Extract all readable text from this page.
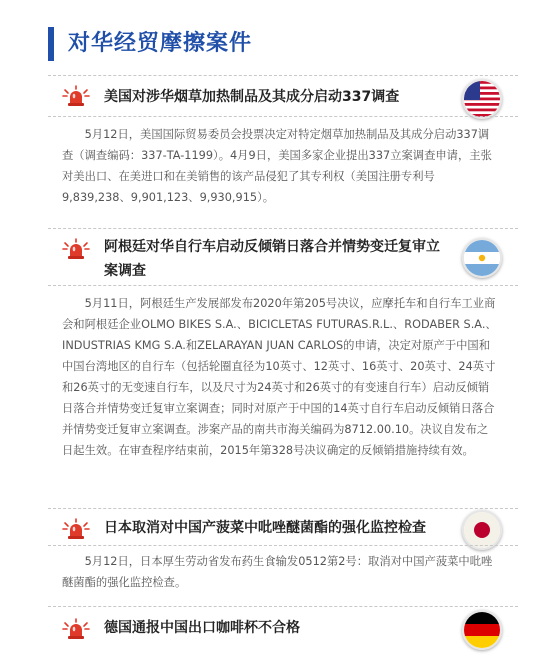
对华经贸摩擦案件
美国对涉华烟草加热制品及其成分启动337调查

5月12日，美国国际贸易委员会投票决定对特定烟草加热制品及其成分启动337调查（调查编码：337-TA-1199）。4月9日，美国多家企业提出337立案调查申请，主张对美出口、在美进口和在美销售的该产品侵犯了其专利权（美国注册专利号9,839,238、9,901,123、9,930,915）。

阿根廷对华自行车启动反倾销日落合并情势变迁复审立案调查

5月11日，阿根廷生产发展部发布2020年第205号决议，应摩托车和自行车工业商会和阿根廷企业OLMO BIKES S.A.、BICICLETAS FUTURAS.R.L.、RODABER S.A.、INDUSTRIAS KMG S.A.和ZELARAYAN JUAN CARLOS的申请，决定对原产于中国和中国台湾地区的自行车（包括轮圈直径为10英寸、12英寸、16英寸、20英寸、24英寸和26英寸的无变速自行车，以及尺寸为24英寸和26英寸的有变速自行车）启动反倾销日落合并情势变迁复审立案调查；同时对原产于中国的14英寸自行车启动反倾销日落合并情势变迁复审立案调查。涉案产品的南共市海关编码为8712.00.10。决议自发布之日起生效。在审查程序结束前，2015年第328号决议确定的反倾销措施持续有效。

日本取消对中国产菠菜中吡唑醚菌酯的强化监控检查

5月12日，日本厚生劳动省发布药生食输发0512第2号：取消对中国产菠菜中吡唑醚菌酯的强化监控检查。

德国通报中国出口咖啡杯不合格
